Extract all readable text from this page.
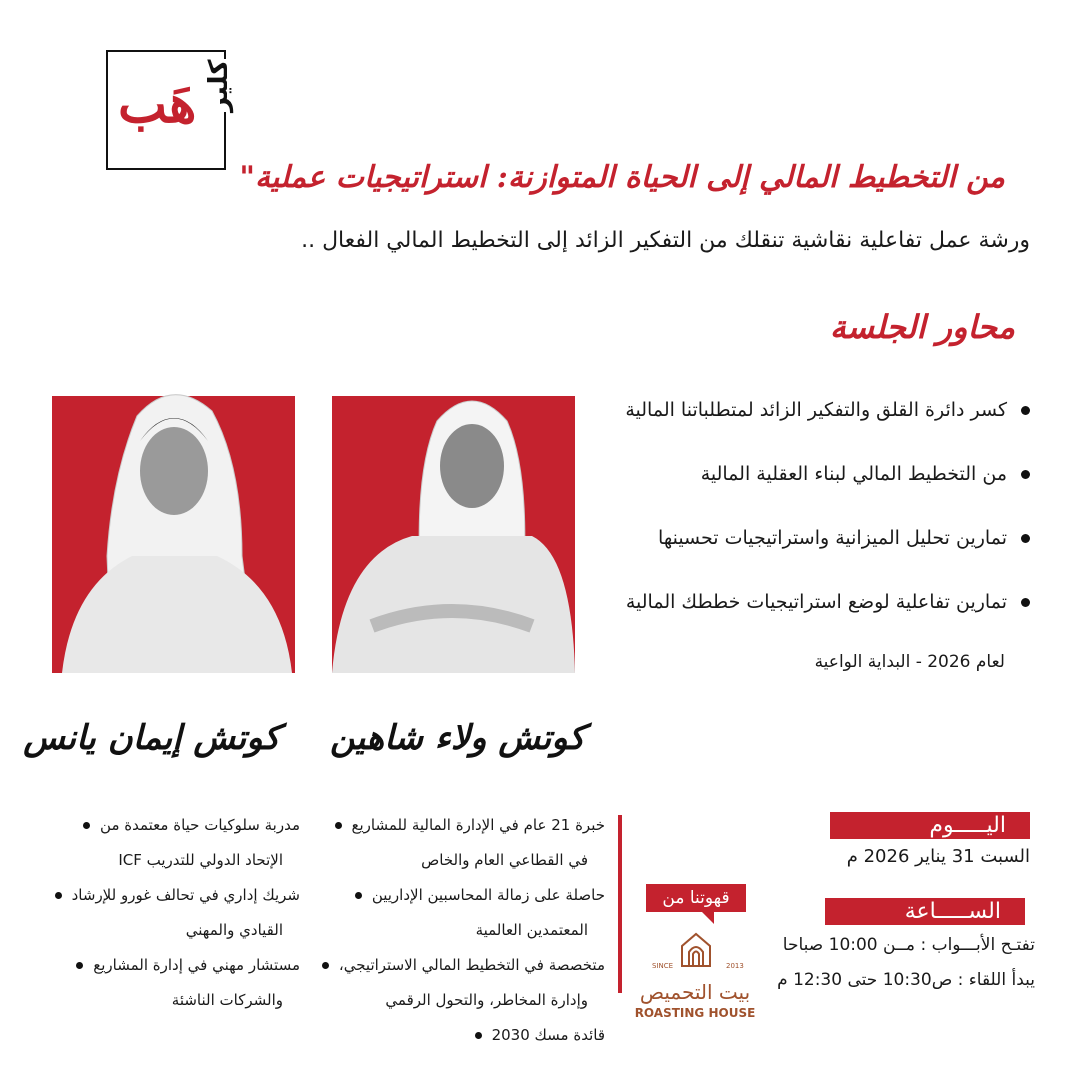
هَب كلير
من التخطيط المالي إلى الحياة المتوازنة: استراتيجيات عملية"
ورشة عمل تفاعلية نقاشية تنقلك من التفكير الزائد إلى التخطيط المالي الفعال ..
محاور الجلسة
كسر دائرة القلق والتفكير الزائد لمتطلباتنا المالية
من التخطيط المالي لبناء العقلية المالية
تمارين تحليل الميزانية واستراتيجيات تحسينها
تمارين تفاعلية لوضع استراتيجيات خططك المالية
لعام 2026 - البداية الواعية
كوتش إيمان يانس كوتش ولاء شاهين
مدربة سلوكيات حياة معتمدة من
الإتحاد الدولي للتدريب ICF
شريك إداري في تحالف غورو للإرشاد
القيادي والمهني
مستشار مهني في إدارة المشاريع
والشركات الناشئة
خبرة 21 عام في الإدارة المالية للمشاريع
في القطاعي العام والخاص
حاصلة على زمالة المحاسبين الإداريين
المعتمدين العالمية
متخصصة في التخطيط المالي الاستراتيجي،
وإدارة المخاطر، والتحول الرقمي
قائدة مسك 2030
اليـــــوم
السبت 31 يناير 2026 م
الســـــاعة
تفتـح الأبـــواب : مــن 10:00 صباحا
يبدأ اللقاء : ص10:30 حتى 12:30 م
قهوتنا من
SINCE	2013
بيت التحميص
ROASTING HOUSE
